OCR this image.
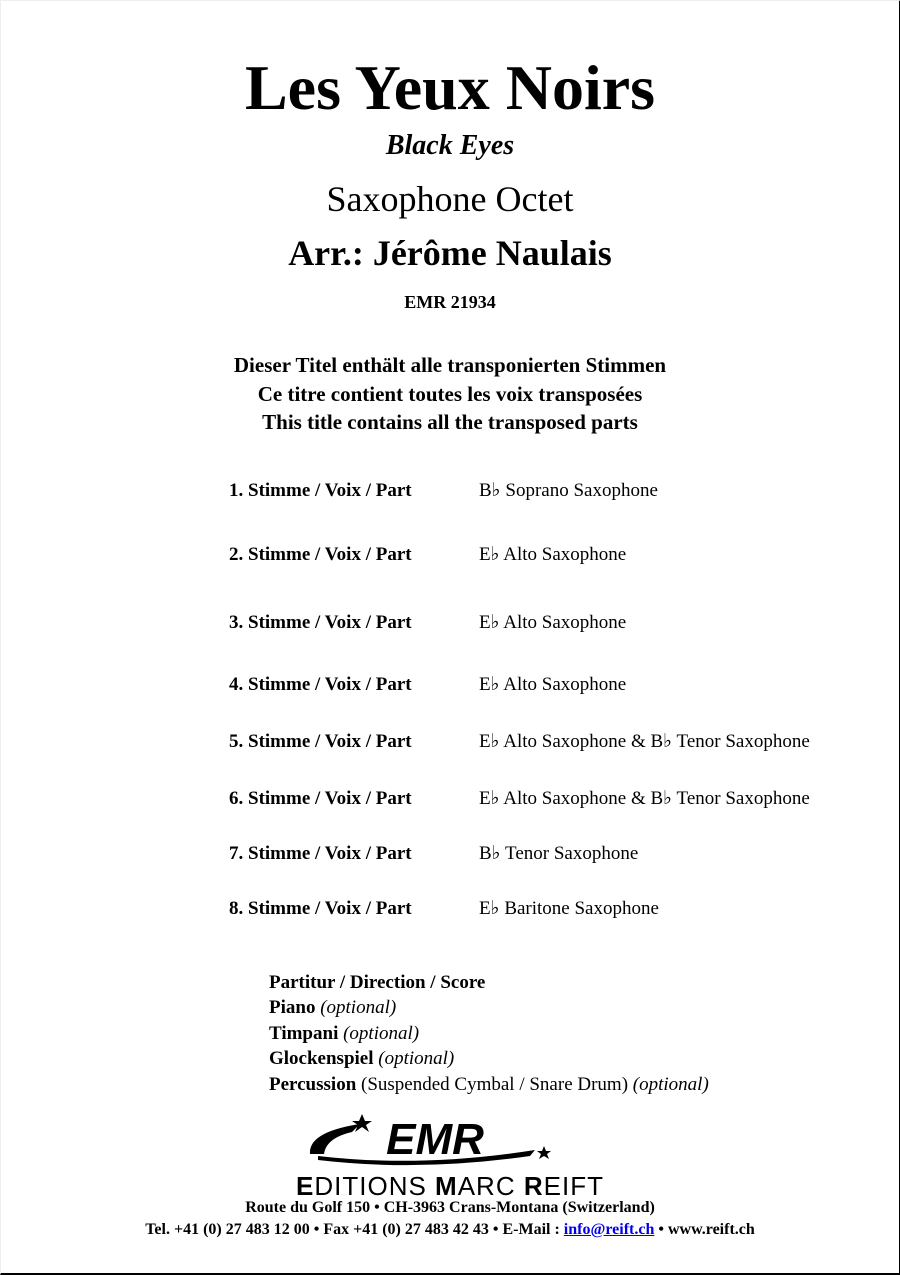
Les Yeux Noirs
Black Eyes
Saxophone Octet
Arr.: Jérôme Naulais
EMR 21934
Dieser Titel enthält alle transponierten Stimmen
Ce titre contient toutes les voix transposées
This title contains all the transposed parts
1. Stimme / Voix / Part	B♭ Soprano Saxophone
2. Stimme / Voix / Part	E♭ Alto Saxophone
3. Stimme / Voix / Part	E♭ Alto Saxophone
4. Stimme / Voix / Part	E♭ Alto Saxophone
5. Stimme / Voix / Part	E♭ Alto Saxophone & B♭ Tenor Saxophone
6. Stimme / Voix / Part	E♭ Alto Saxophone & B♭ Tenor Saxophone
7. Stimme / Voix / Part	B♭ Tenor Saxophone
8. Stimme / Voix / Part	E♭ Baritone Saxophone
Partitur / Direction / Score
Piano (optional)
Timpani (optional)
Glockenspiel (optional)
Percussion (Suspended Cymbal / Snare Drum) (optional)
EMR
EDITIONS MARC REIFT
Route du Golf 150 • CH-3963 Crans-Montana (Switzerland)
Tel. +41 (0) 27 483 12 00 • Fax +41 (0) 27 483 42 43 • E-Mail : info@reift.ch • www.reift.ch
